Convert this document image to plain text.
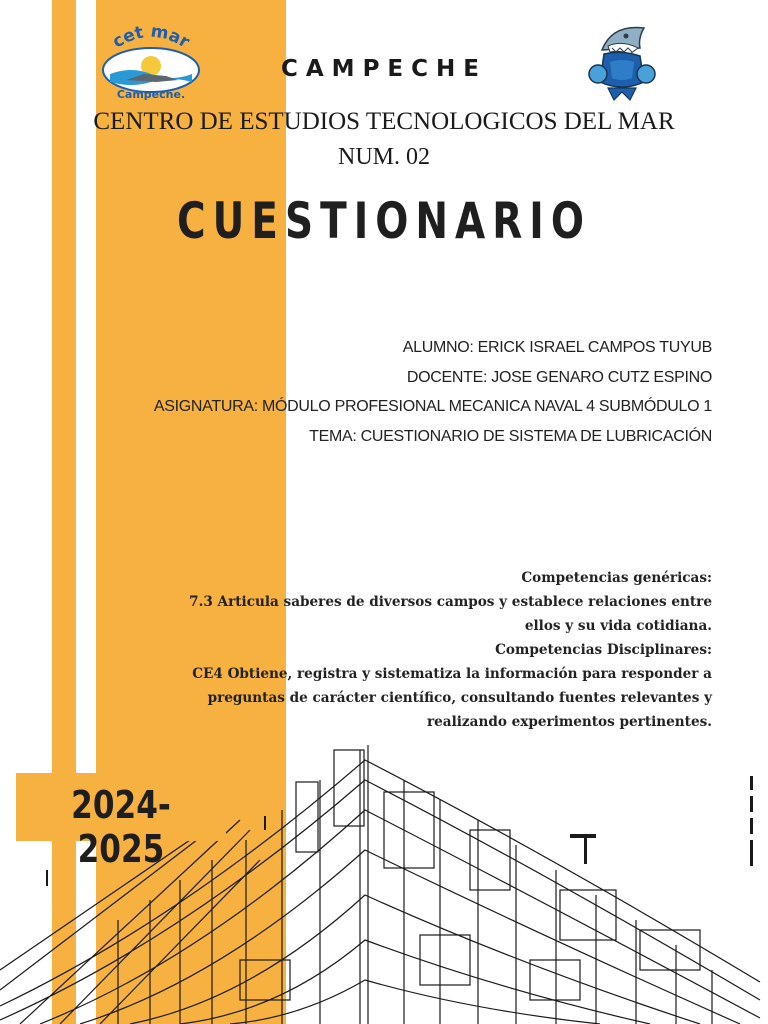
cet mar
Campeche.
CAMPECHE
CENTRO DE ESTUDIOS TECNOLOGICOS DEL MAR
NUM. 02
CUESTIONARIO
ALUMNO: ERICK ISRAEL CAMPOS TUYUB
DOCENTE: JOSE GENARO CUTZ ESPINO
ASIGNATURA: MÓDULO PROFESIONAL MECANICA NAVAL 4 SUBMÓDULO 1
TEMA: CUESTIONARIO DE SISTEMA DE LUBRICACIÓN
Competencias genéricas:
7.3 Articula saberes de diversos campos y establece relaciones entre
ellos y su vida cotidiana.
Competencias Disciplinares:
CE4 Obtiene, registra y sistematiza la información para responder a
preguntas de carácter científico, consultando fuentes relevantes y
realizando experimentos pertinentes.
2024-2025
